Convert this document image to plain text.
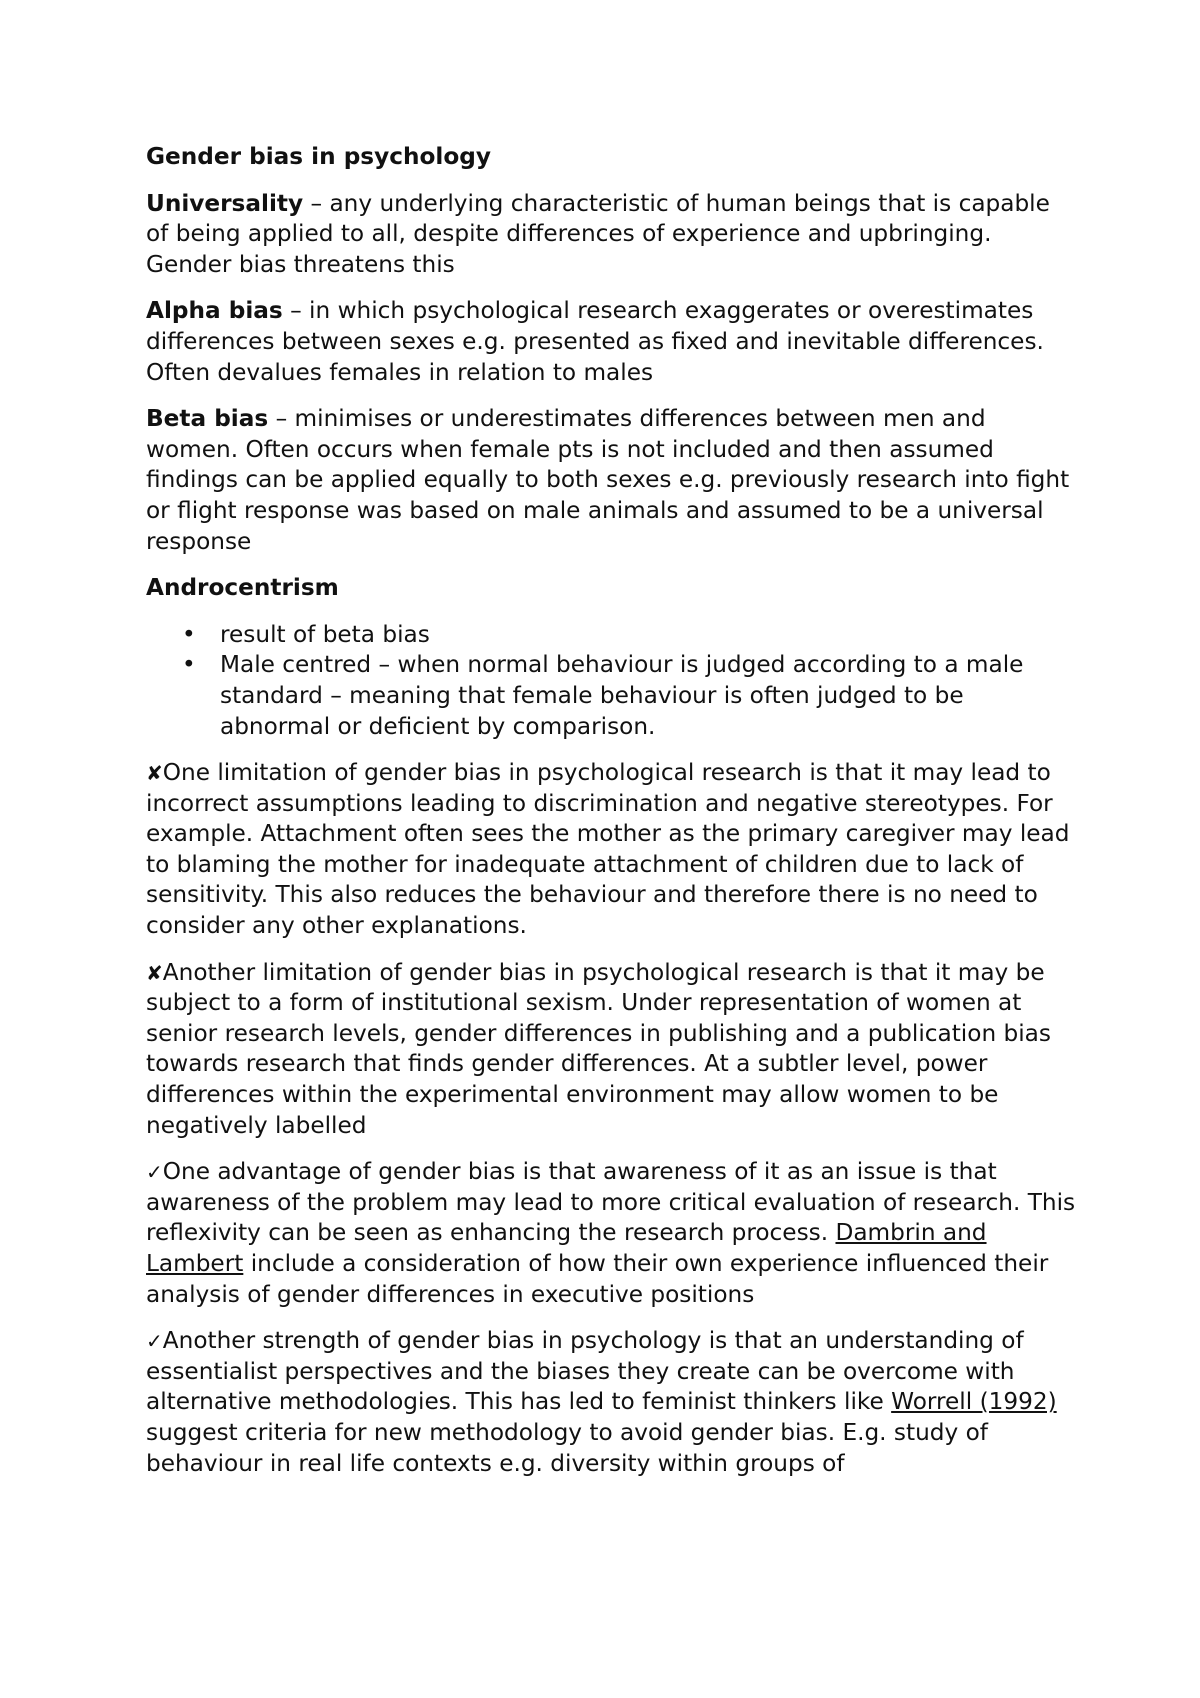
Gender bias in psychology

Universality – any underlying characteristic of human beings that is capable of being applied to all, despite differences of experience and upbringing. Gender bias threatens this

Alpha bias – in which psychological research exaggerates or overestimates differences between sexes e.g. presented as fixed and inevitable differences. Often devalues females in relation to males

Beta bias – minimises or underestimates differences between men and women. Often occurs when female pts is not included and then assumed findings can be applied equally to both sexes e.g. previously research into fight or flight response was based on male animals and assumed to be a universal response

Androcentrism

• result of beta bias
• Male centred – when normal behaviour is judged according to a male standard – meaning that female behaviour is often judged to be abnormal or deficient by comparison.

✘One limitation of gender bias in psychological research is that it may lead to incorrect assumptions leading to discrimination and negative stereotypes. For example. Attachment often sees the mother as the primary caregiver may lead to blaming the mother for inadequate attachment of children due to lack of sensitivity. This also reduces the behaviour and therefore there is no need to consider any other explanations.

✘Another limitation of gender bias in psychological research is that it may be subject to a form of institutional sexism. Under representation of women at senior research levels, gender differences in publishing and a publication bias towards research that finds gender differences. At a subtler level, power differences within the experimental environment may allow women to be negatively labelled

✓One advantage of gender bias is that awareness of it as an issue is that awareness of the problem may lead to more critical evaluation of research. This reflexivity can be seen as enhancing the research process. Dambrin and Lambert include a consideration of how their own experience influenced their analysis of gender differences in executive positions

✓Another strength of gender bias in psychology is that an understanding of essentialist perspectives and the biases they create can be overcome with alternative methodologies. This has led to feminist thinkers like Worrell (1992) suggest criteria for new methodology to avoid gender bias. E.g. study of behaviour in real life contexts e.g. diversity within groups of
